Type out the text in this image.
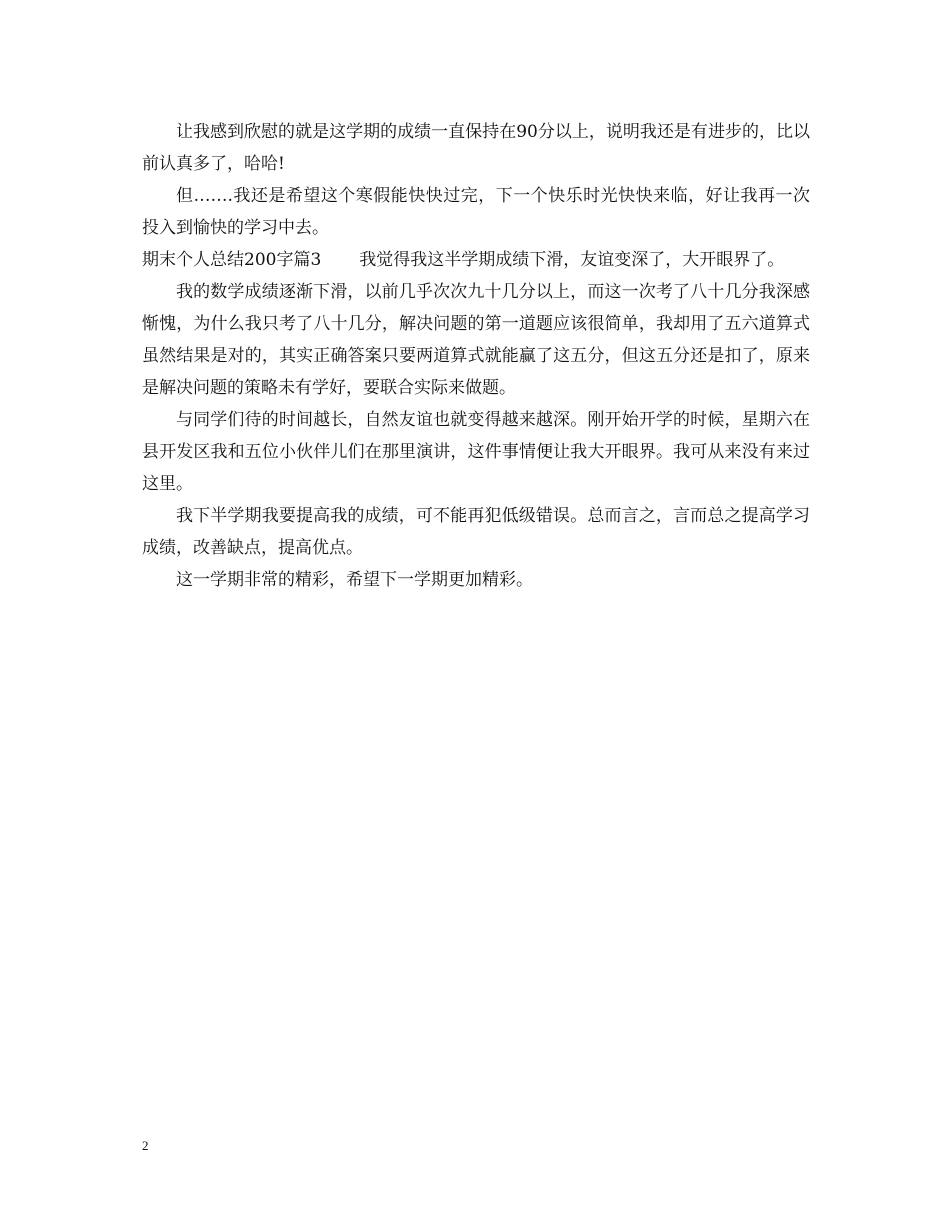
让我感到欣慰的就是这学期的成绩一直保持在90分以上，说明我还是有进步的，比以前认真多了，哈哈!

但…….我还是希望这个寒假能快快过完，下一个快乐时光快快来临，好让我再一次投入到愉快的学习中去。

期末个人总结200字篇3 我觉得我这半学期成绩下滑，友谊变深了，大开眼界了。

我的数学成绩逐渐下滑，以前几乎次次九十几分以上，而这一次考了八十几分我深感惭愧，为什么我只考了八十几分，解决问题的第一道题应该很简单，我却用了五六道算式虽然结果是对的，其实正确答案只要两道算式就能赢了这五分，但这五分还是扣了，原来是解决问题的策略未有学好，要联合实际来做题。

与同学们待的时间越长，自然友谊也就变得越来越深。刚开始开学的时候，星期六在县开发区我和五位小伙伴儿们在那里演讲，这件事情便让我大开眼界。我可从来没有来过这里。

我下半学期我要提高我的成绩，可不能再犯低级错误。总而言之，言而总之提高学习成绩，改善缺点，提高优点。

这一学期非常的精彩，希望下一学期更加精彩。

2
